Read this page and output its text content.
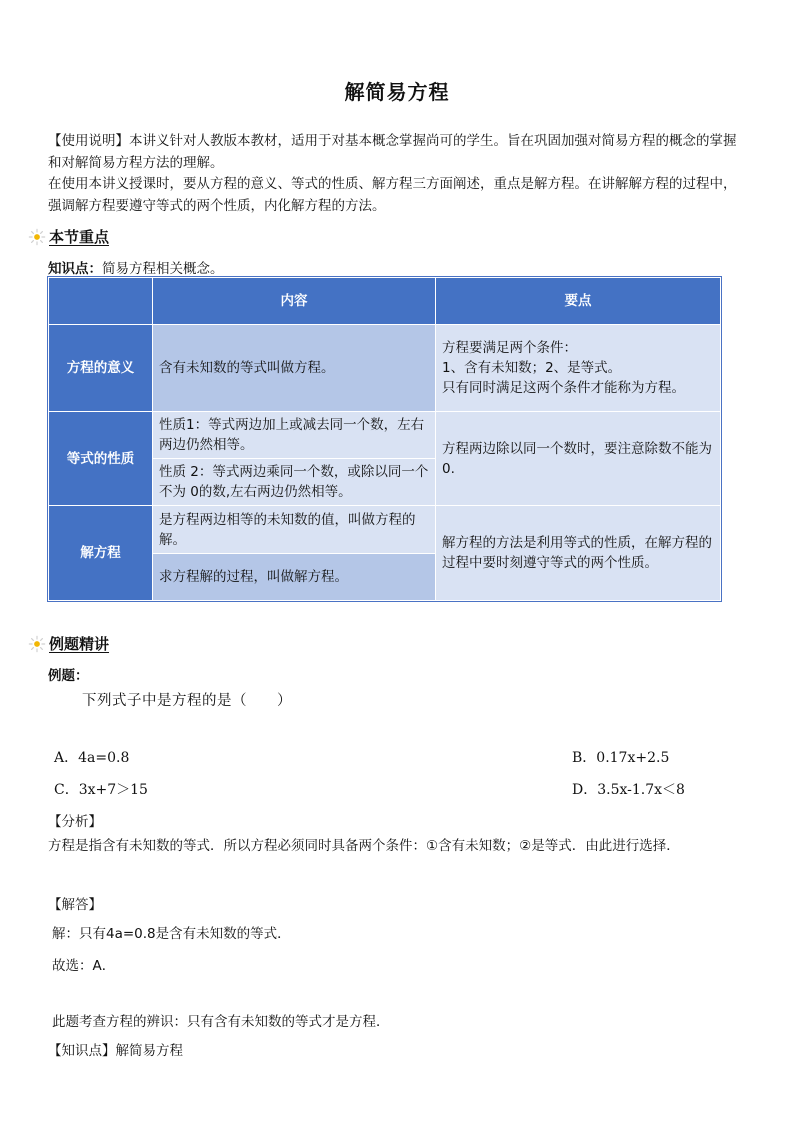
解简易方程

【使用说明】本讲义针对人教版本教材，适用于对基本概念掌握尚可的学生。旨在巩固加强对简易方程的概念的掌握和对解简易方程方法的理解。

在使用本讲义授课时，要从方程的意义、等式的性质、解方程三方面阐述，重点是解方程。在讲解解方程的过程中，强调解方程要遵守等式的两个性质，内化解方程的方法。

本节重点
知识点：简易方程相关概念。
	内容	要点
方程的意义	含有未知数的等式叫做方程。	方程要满足两个条件：
1、含有未知数；2、是等式。
只有同时满足这两个条件才能称为方程。
等式的性质	性质1：等式两边加上或减去同一个数，左右两边仍然相等。	方程两边除以同一个数时，要注意除数不能为 0.
	性质 2：等式两边乘同一个数，或除以同一个不为 0的数,左右两边仍然相等。	
解方程	是方程两边相等的未知数的值，叫做方程的解。	解方程的方法是利用等式的性质，在解方程的过程中要时刻遵守等式的两个性质。
	求方程解的过程，叫做解方程。	
例题精讲
例题：
下列式子中是方程的是（　　）
A．4a=0.8	B．0.17x+2.5
C．3x+7＞15	D．3.5x-1.7x＜8
【分析】
方程是指含有未知数的等式．所以方程必须同时具备两个条件：①含有未知数；②是等式．由此进行选择．
【解答】
解：只有4a=0.8是含有未知数的等式．
故选：A．
此题考查方程的辨识：只有含有未知数的等式才是方程．
【知识点】解简易方程
